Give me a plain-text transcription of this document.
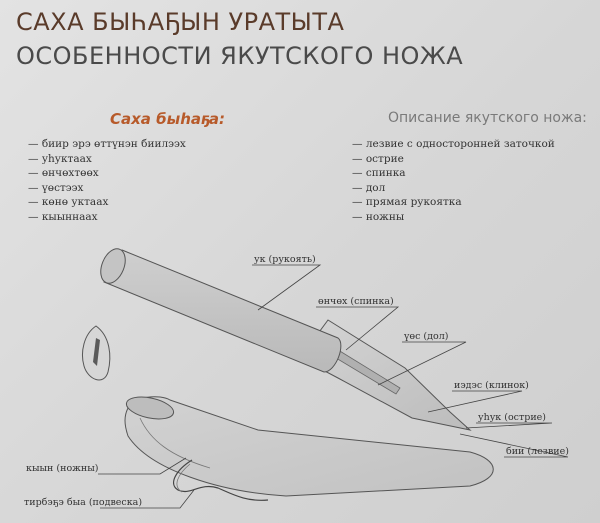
САХА БЫҺАҔЫН УРАТЫТА
ОСОБЕННОСТИ ЯКУТСКОГО НОЖА
Саха быһаҕа:
— биир эрэ өттүнэн биилээх
— уһуктаах
— өнчөхтөөх
— үөстээх
— көнө уктаах
— кыыннаах
Описание якутского ножа:
— лезвие с односторонней заточкой
— острие
— спинка
— дол
— прямая рукоятка
— ножны
ук (рукоять)
өнчөх (спинка)
үөс (дол)
иэдэс (клинок)
уһук (острие)
бии (лезвие)
кыын (ножны)
тирбэҕэ быа (подвеска)
